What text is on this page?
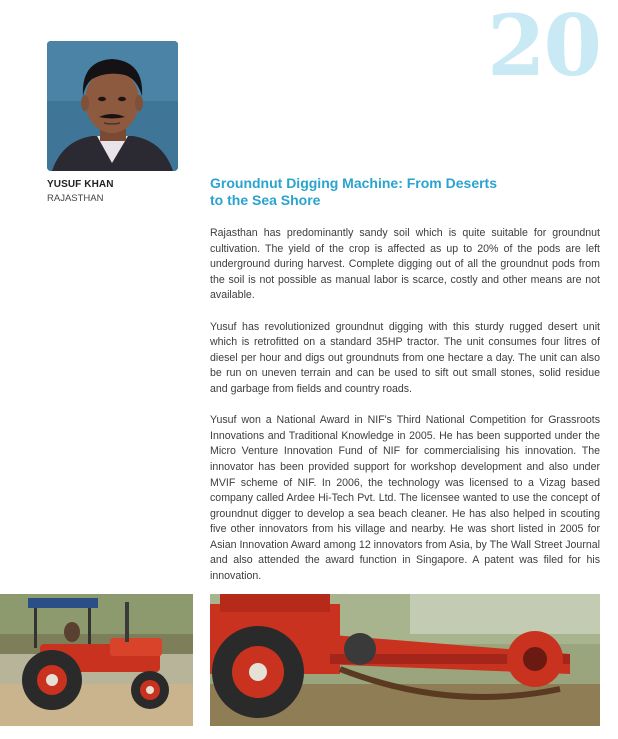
20
YUSUF KHAN
RAJASTHAN
Groundnut Digging Machine: From Deserts
to the Sea Shore

Rajasthan has predominantly sandy soil which is quite suitable for groundnut cultivation. The yield of the crop is affected as up to 20% of the pods are left underground during harvest. Complete digging out of all the groundnut pods from the soil is not possible as manual labor is scarce, costly and other means are not available.

Yusuf has revolutionized groundnut digging with this sturdy rugged desert unit which is retrofitted on a standard 35HP tractor. The unit consumes four litres of diesel per hour and digs out groundnuts from one hectare a day. The unit can also be run on uneven terrain and can be used to sift out small stones, solid residue and garbage from fields and country roads.

Yusuf won a National Award in NIF's Third National Competition for Grassroots Innovations and Traditional Knowledge in 2005. He has been supported under the Micro Venture Innovation Fund of NIF for commercialising his innovation. The innovator has been provided support for workshop development and also under MVIF scheme of NIF. In 2006, the technology was licensed to a Vizag based company called Ardee Hi-Tech Pvt. Ltd. The licensee wanted to use the concept of groundnut digger to develop a sea beach cleaner. He has also helped in scouting five other innovators from his village and nearby. He was short listed in 2005 for Asian Innovation Award among 12 innovators from Asia, by The Wall Street Journal and also attended the award function in Singapore. A patent was filed for his innovation.
